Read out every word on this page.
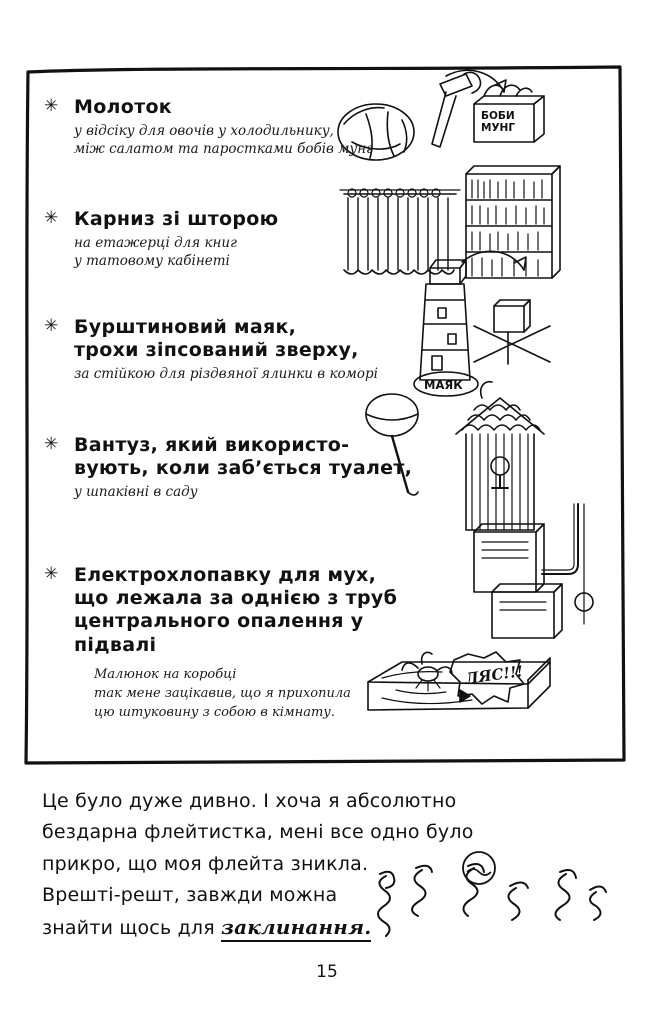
БОБИ
МУНГ
МАЯК
ЛЯС!!!
✳ Молоток
у відсіку для овочів у холодильнику,
між салатом та паростками бобів мунг
✳ Карниз зі шторою
на етажерці для книг
у татовому кабінеті
✳ Бурштиновий маяк,
трохи зіпсований зверху,
за стійкою для різдвяної ялинки в коморі
✳ Вантуз, який використо-
вують, коли заб’ється туалет,
у шпаківні в саду
✳ Електрохлопавку для мух,
що лежала за однією з труб
центрального опалення у підвалі
Малюнок на коробці
так мене зацікавив, що я прихопила
цю штуковину з собою в кімнату.
Це було дуже дивно. І хоча я абсолютно
бездарна флейтистка, мені все одно було
прикро, що моя флейта зникла.
Врешті-решт, завжди можна
знайти щось для заклинання.
15
